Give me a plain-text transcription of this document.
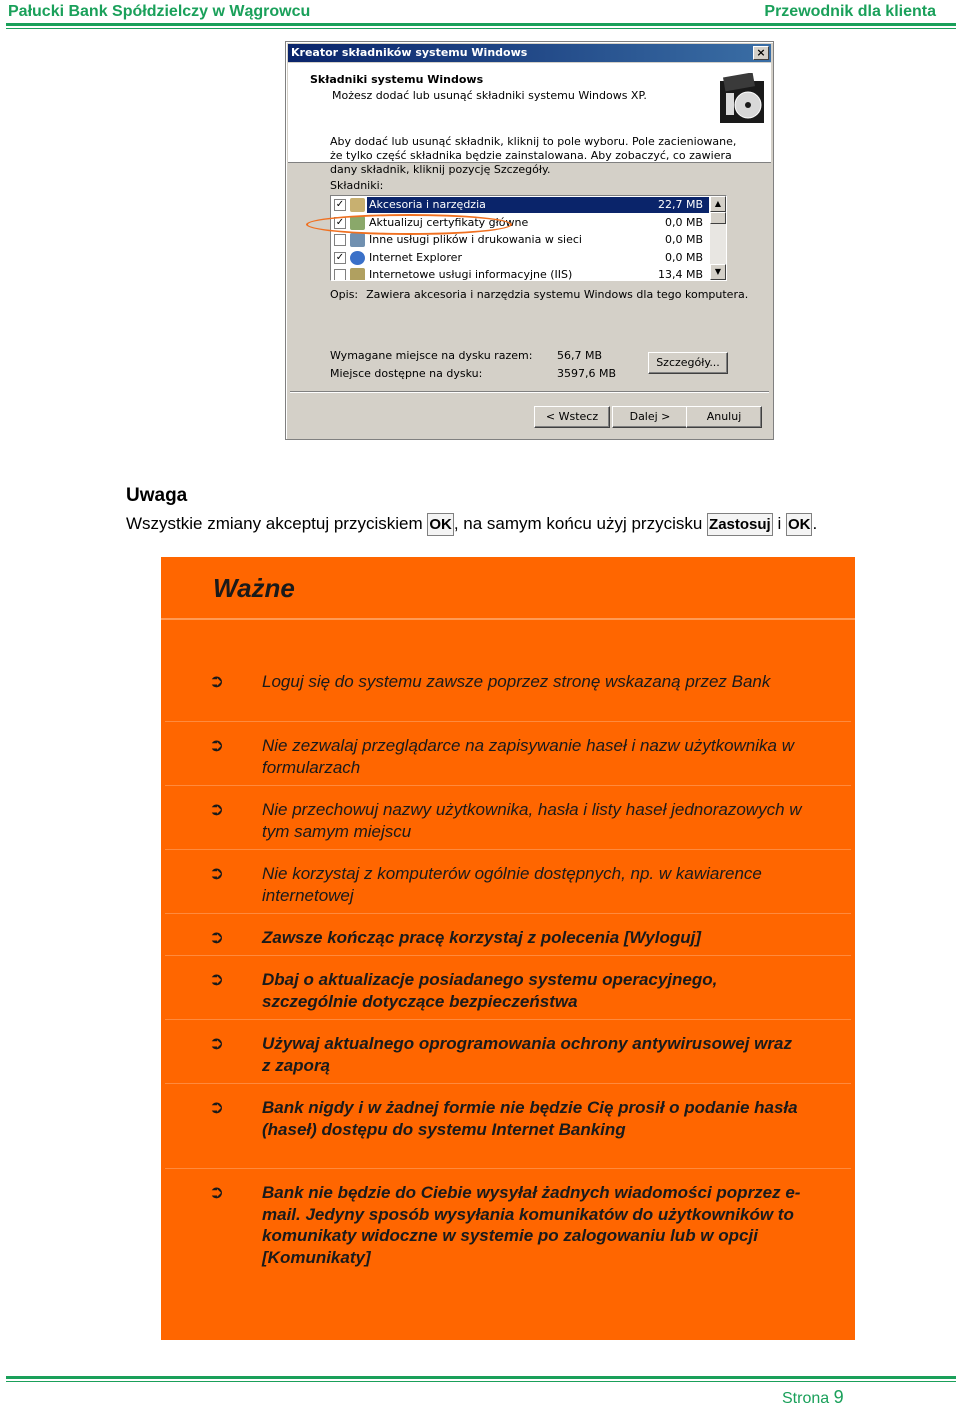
Pałucki Bank Spółdzielczy w Wągrowcu	Przewodnik dla klienta
Kreator składników systemu Windows	×
Składniki systemu Windows
Możesz dodać lub usunąć składniki systemu Windows XP.
Aby dodać lub usunąć składnik, kliknij to pole wyboru. Pole zacieniowane, że tylko część składnika będzie zainstalowana. Aby zobaczyć, co zawiera dany składnik, kliknij pozycję Szczegóły.
Składniki:
✓ Akcesoria i narzędzia	22,7 MB
✓ Aktualizuj certyfikaty główne	0,0 MB
Inne usługi plików i drukowania w sieci	0,0 MB
✓ Internet Explorer	0,0 MB
Internetowe usługi informacyjne (IIS)	13,4 MB
▲
▼
Opis: Zawiera akcesoria i narzędzia systemu Windows dla tego komputera.
Wymagane miejsce na dysku razem: 56,7 MB
Miejsce dostępne na dysku:	3597,6 MB
Szczegóły...
< Wstecz	Dalej >	Anuluj
Uwaga
Wszystkie zmiany akceptuj przyciskiem OK , na samym końcu użyj przycisku Zastosuj i OK .
Ważne
➲ Loguj się do systemu zawsze poprzez stronę wskazaną przez Bank
➲ Nie zezwalaj przeglądarce na zapisywanie haseł i nazw użytkownika w formularzach
➲ Nie przechowuj nazwy użytkownika, hasła i listy haseł jednorazowych w tym samym miejscu
➲ Nie korzystaj z komputerów ogólnie dostępnych, np. w kawiarence internetowej
➲ Zawsze kończąc pracę korzystaj z polecenia [Wyloguj]
➲ Dbaj o aktualizacje posiadanego systemu operacyjnego, szczególnie dotyczące bezpieczeństwa
➲ Używaj aktualnego oprogramowania ochrony antywirusowej wraz z zaporą
➲ Bank nigdy i w żadnej formie nie będzie Cię prosił o podanie hasła (haseł) dostępu do systemu Internet Banking
➲ Bank nie będzie do Ciebie wysyłał żadnych wiadomości poprzez e-mail. Jedyny sposób wysyłania komunikatów do użytkowników to komunikaty widoczne w systemie po zalogowaniu lub w opcji [Komunikaty]
Strona 9
